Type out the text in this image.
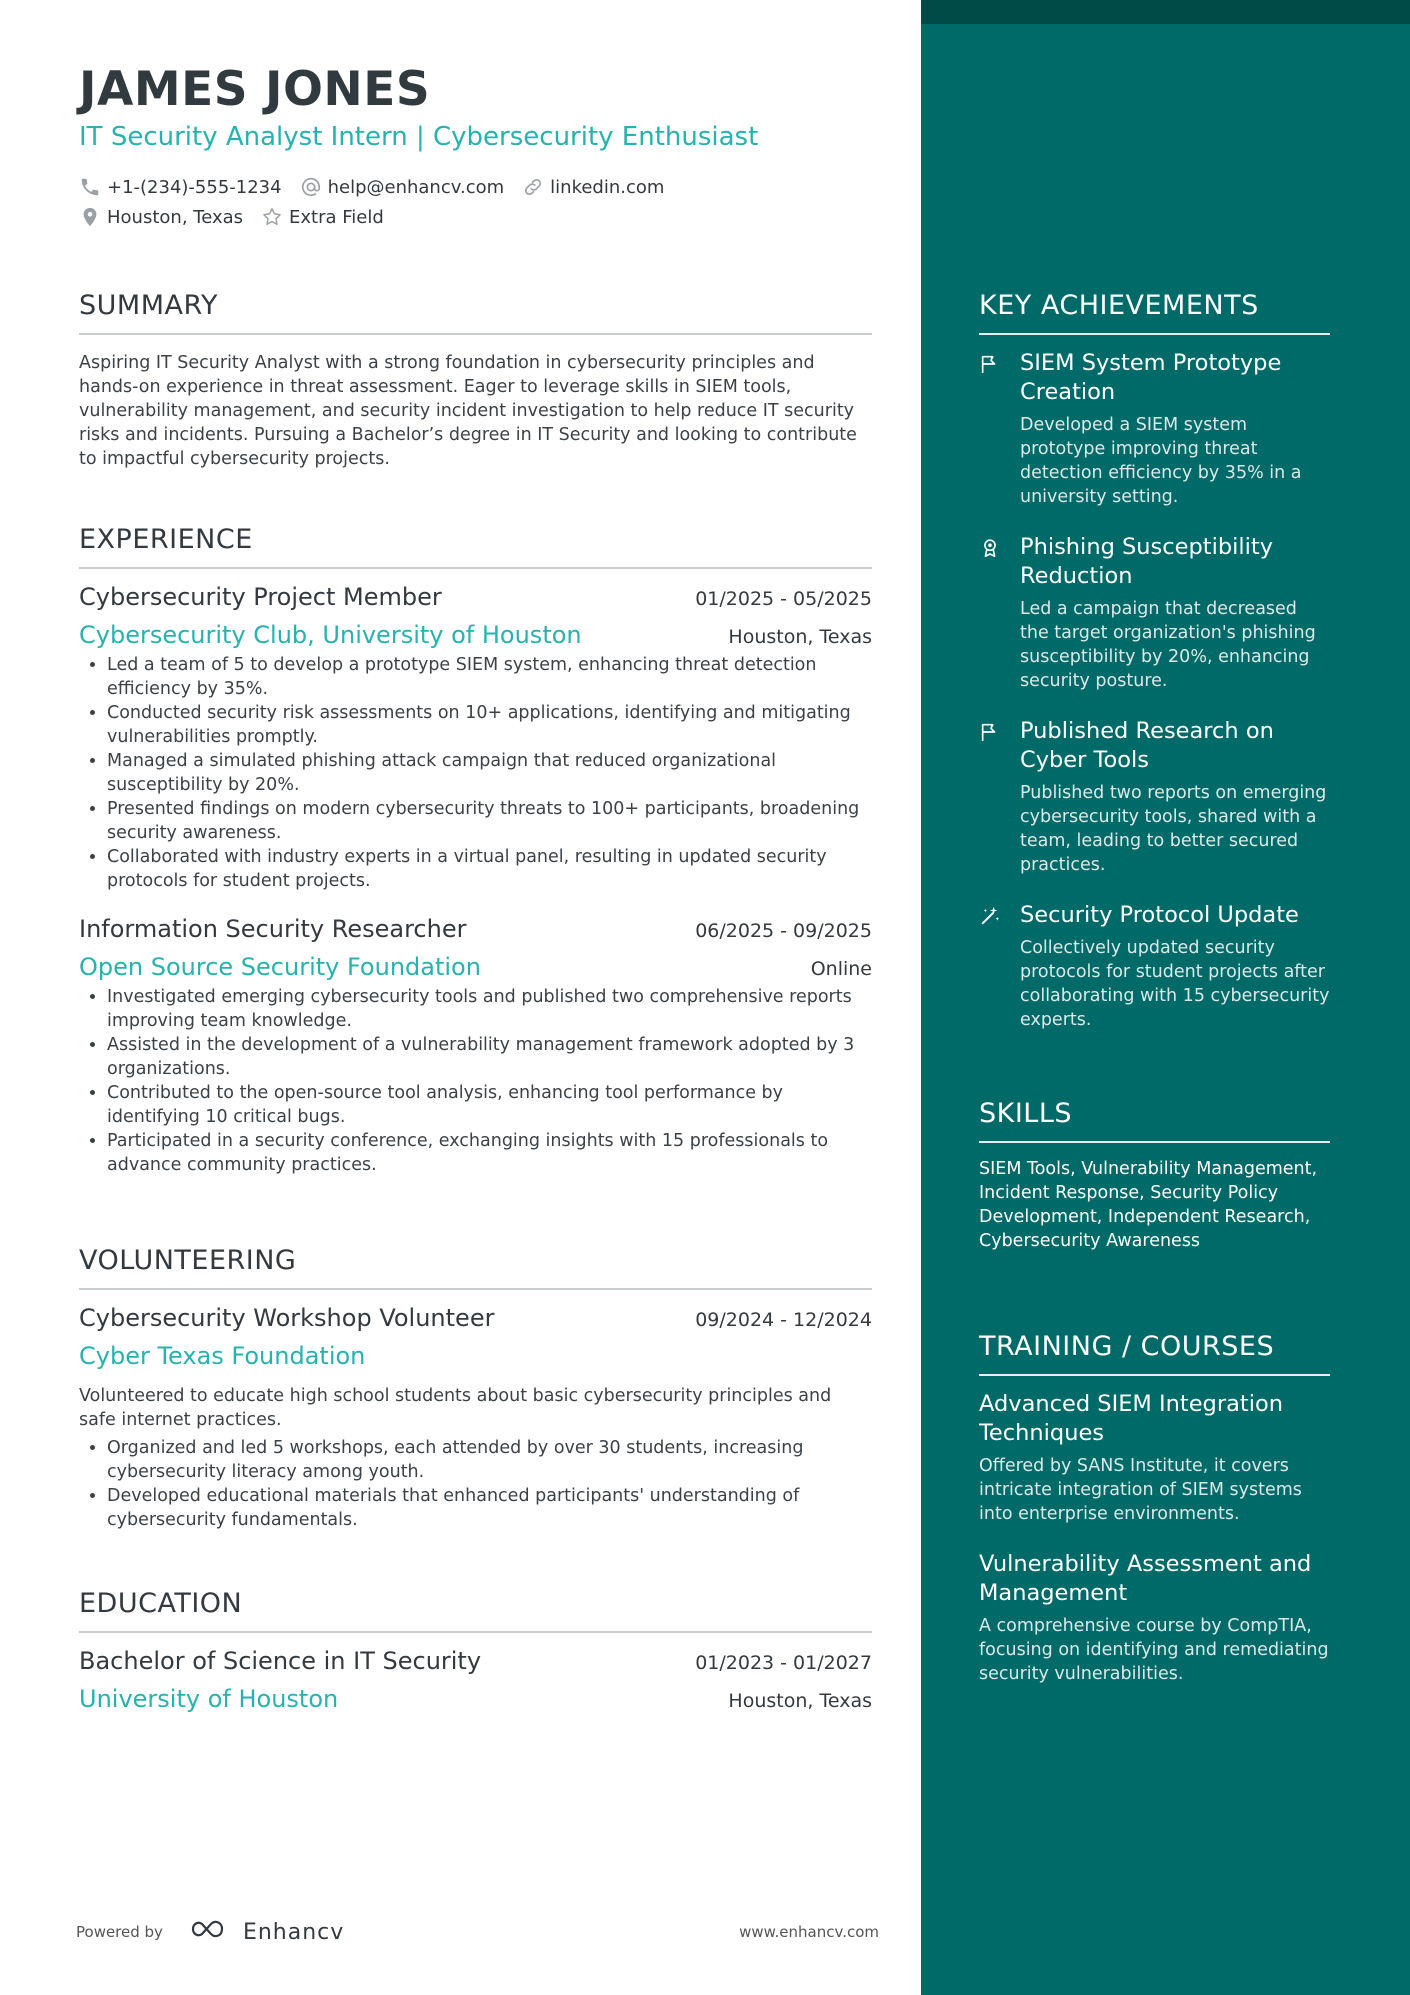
JAMES JONES
IT Security Analyst Intern | Cybersecurity Enthusiast
+1-(234)-555-1234	help@enhancv.com	linkedin.com
Houston, Texas	Extra Field
SUMMARY
Aspiring IT Security Analyst with a strong foundation in cybersecurity principles and hands-on experience in threat assessment. Eager to leverage skills in SIEM tools, vulnerability management, and security incident investigation to help reduce IT security risks and incidents. Pursuing a Bachelor’s degree in IT Security and looking to contribute to impactful cybersecurity projects.
EXPERIENCE
Cybersecurity Project Member	01/2025 - 05/2025
Cybersecurity Club, University of Houston	Houston, Texas
• Led a team of 5 to develop a prototype SIEM system, enhancing threat detection efficiency by 35%.
• Conducted security risk assessments on 10+ applications, identifying and mitigating vulnerabilities promptly.
• Managed a simulated phishing attack campaign that reduced organizational susceptibility by 20%.
• Presented findings on modern cybersecurity threats to 100+ participants, broadening security awareness.
• Collaborated with industry experts in a virtual panel, resulting in updated security protocols for student projects.
Information Security Researcher	06/2025 - 09/2025
Open Source Security Foundation	Online
• Investigated emerging cybersecurity tools and published two comprehensive reports improving team knowledge.
• Assisted in the development of a vulnerability management framework adopted by 3 organizations.
• Contributed to the open-source tool analysis, enhancing tool performance by identifying 10 critical bugs.
• Participated in a security conference, exchanging insights with 15 professionals to advance community practices.
VOLUNTEERING
Cybersecurity Workshop Volunteer	09/2024 - 12/2024
Cyber Texas Foundation
Volunteered to educate high school students about basic cybersecurity principles and safe internet practices.
• Organized and led 5 workshops, each attended by over 30 students, increasing cybersecurity literacy among youth.
• Developed educational materials that enhanced participants' understanding of cybersecurity fundamentals.
EDUCATION
Bachelor of Science in IT Security	01/2023 - 01/2027
University of Houston	Houston, Texas
Powered by	Enhancv	www.enhancv.com
KEY ACHIEVEMENTS
SIEM System Prototype Creation
Developed a SIEM system prototype improving threat detection efficiency by 35% in a university setting.
Phishing Susceptibility Reduction
Led a campaign that decreased the target organization's phishing susceptibility by 20%, enhancing security posture.
Published Research on Cyber Tools
Published two reports on emerging cybersecurity tools, shared with a team, leading to better secured practices.
Security Protocol Update
Collectively updated security protocols for student projects after collaborating with 15 cybersecurity experts.
SKILLS
SIEM Tools, Vulnerability Management, Incident Response, Security Policy Development, Independent Research, Cybersecurity Awareness
TRAINING / COURSES
Advanced SIEM Integration Techniques
Offered by SANS Institute, it covers intricate integration of SIEM systems into enterprise environments.
Vulnerability Assessment and Management
A comprehensive course by CompTIA, focusing on identifying and remediating security vulnerabilities.
